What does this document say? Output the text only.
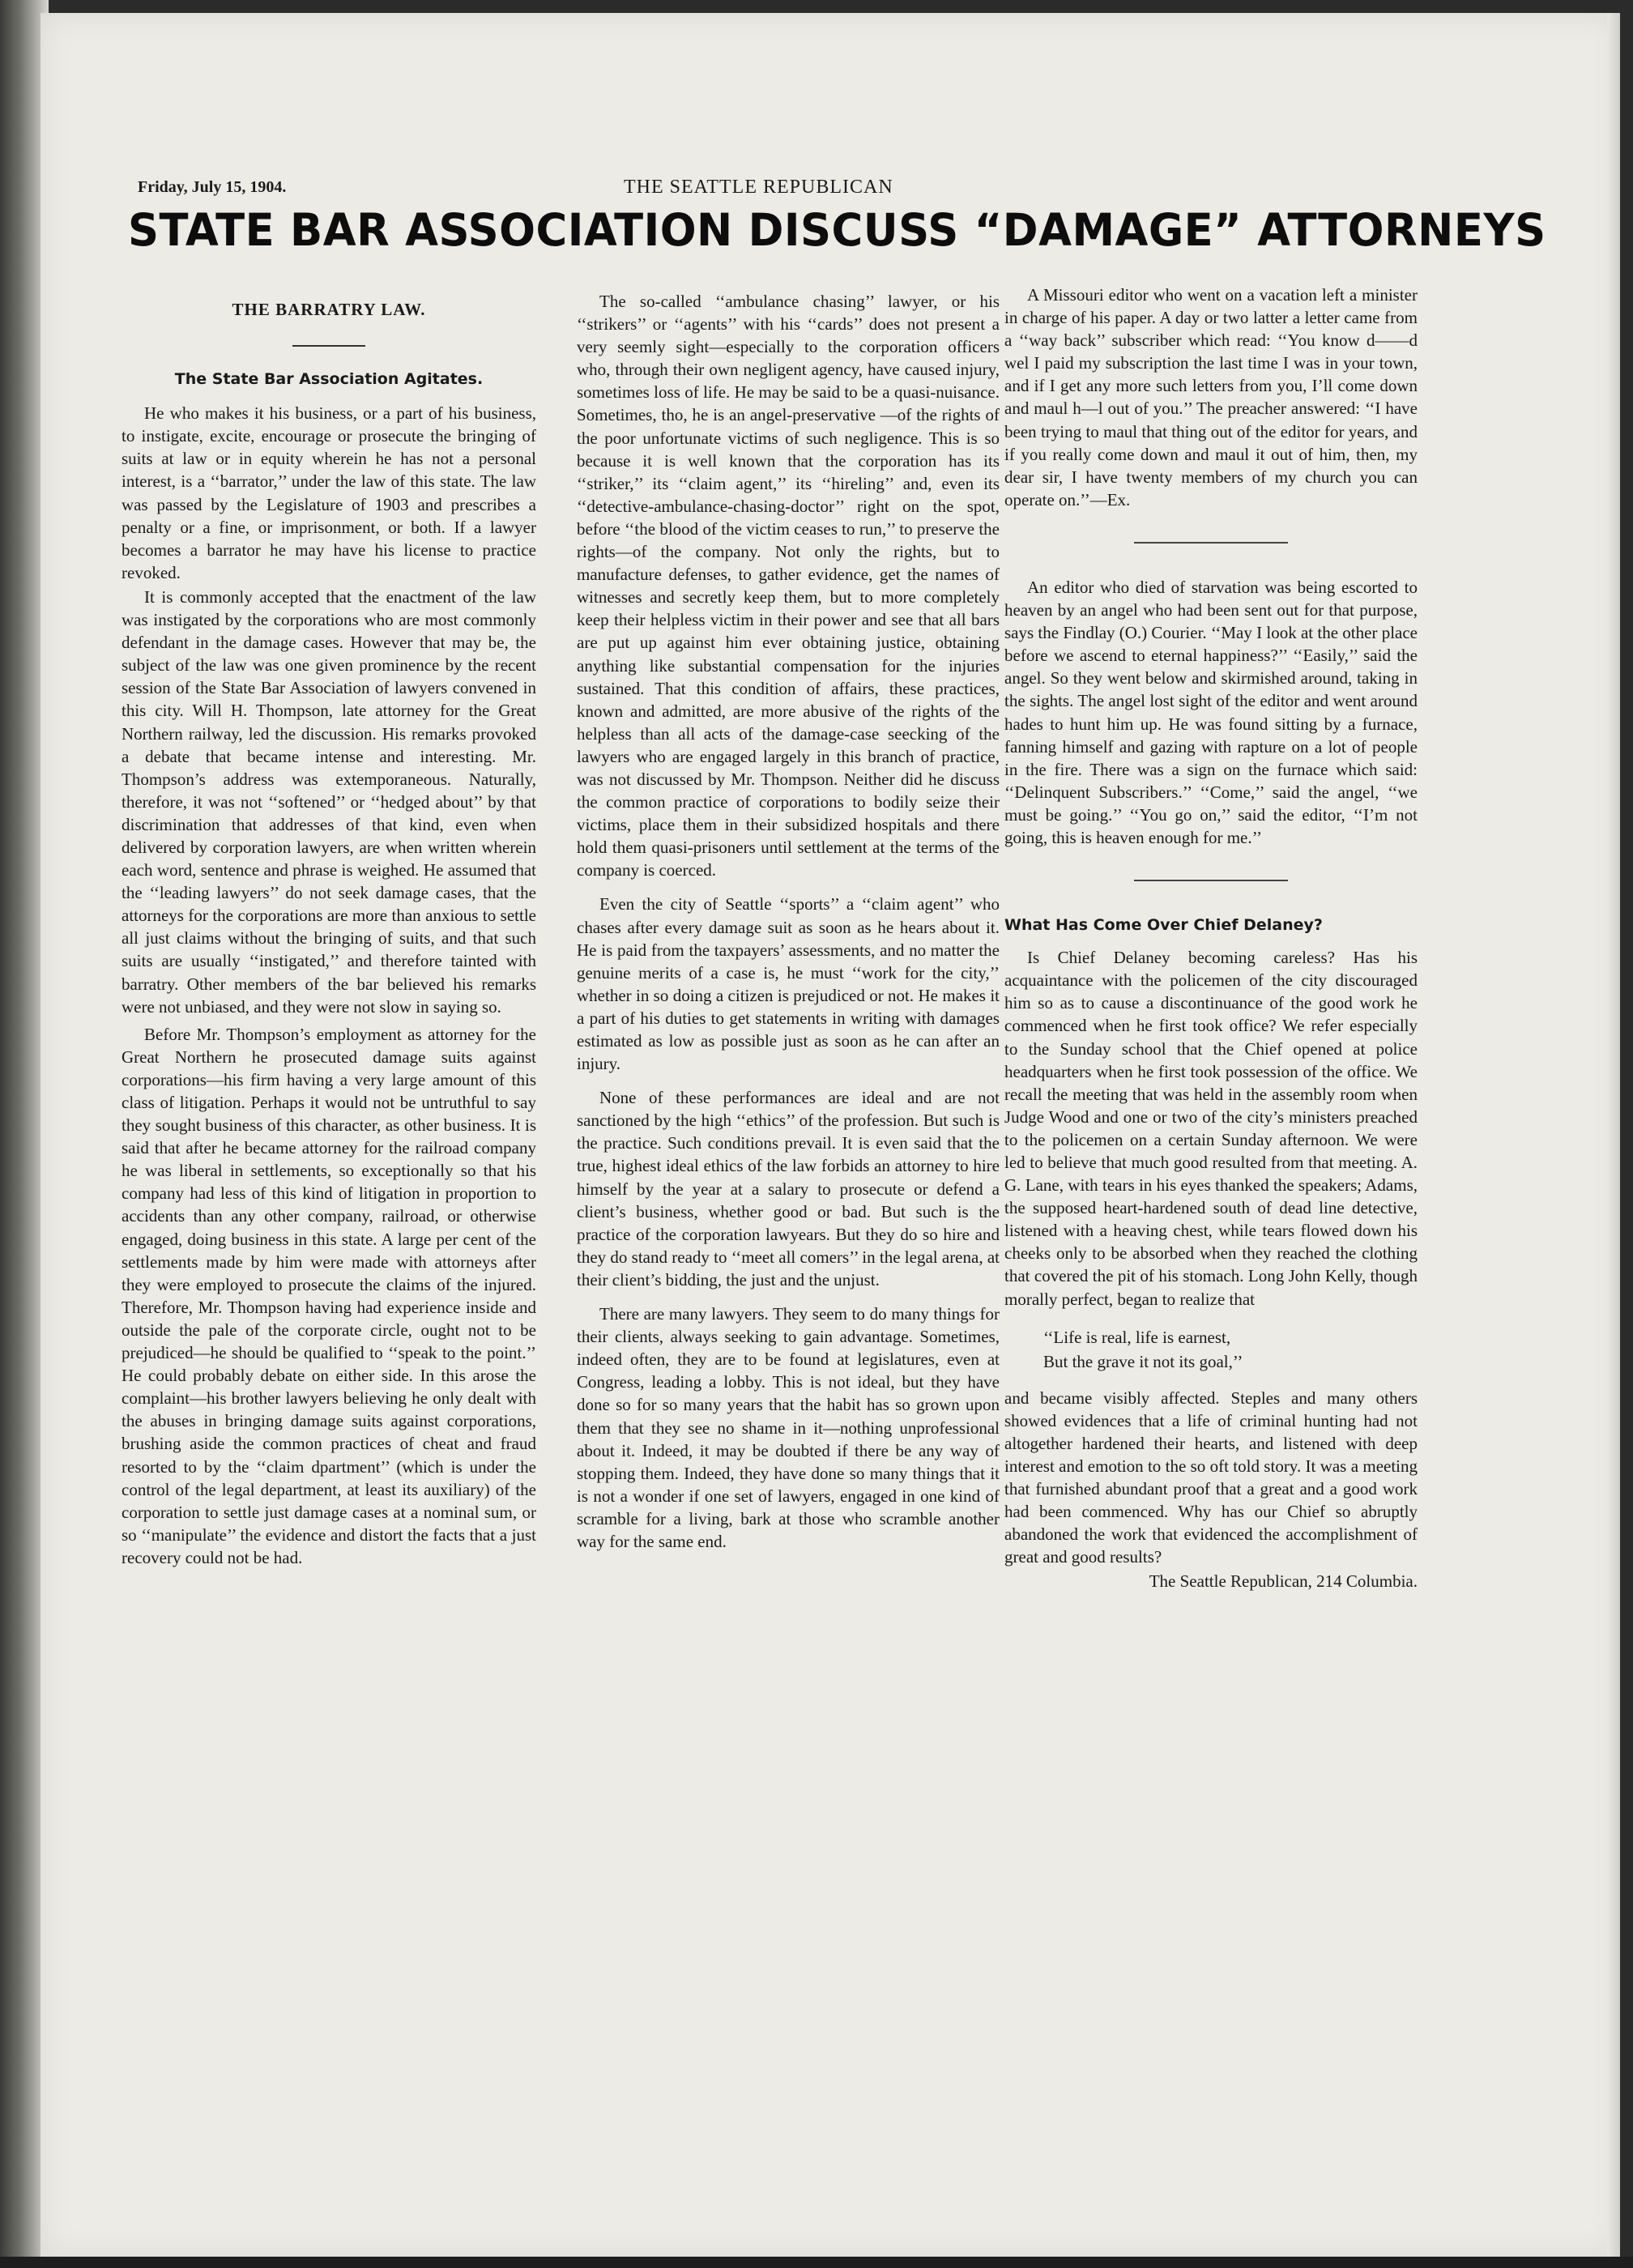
Friday, July 15, 1904.	THE SEATTLE REPUBLICAN
STATE BAR ASSOCIATION DISCUSS “DAMAGE” ATTORNEYS
THE BARRATRY LAW.
The State Bar Association Agitates.

He who makes it his business, or a part of his business, to instigate, excite, encourage or prosecute the bringing of suits at law or in equity wherein he has not a personal interest, is a ‘‘barrator,’’ under the law of this state. The law was passed by the Legislature of 1903 and prescribes a penalty or a fine, or imprisonment, or both. If a lawyer becomes a barrator he may have his license to practice revoked.

It is commonly accepted that the enactment of the law was instigated by the corporations who are most commonly defendant in the damage cases. However that may be, the subject of the law was one given prominence by the recent session of the State Bar Association of lawyers convened in this city. Will H. Thompson, late attorney for the Great Northern railway, led the discussion. His remarks provoked a debate that became intense and interesting. Mr. Thompson’s address was extemporaneous. Naturally, therefore, it was not ‘‘softened’’ or ‘‘hedged about’’ by that discrimination that addresses of that kind, even when delivered by corporation lawyers, are when written wherein each word, sentence and phrase is weighed. He assumed that the ‘‘leading lawyers’’ do not seek damage cases, that the attorneys for the corporations are more than anxious to settle all just claims without the bringing of suits, and that such suits are usually ‘‘instigated,’’ and therefore tainted with barratry. Other members of the bar believed his remarks were not unbiased, and they were not slow in saying so.

Before Mr. Thompson’s employment as attorney for the Great Northern he prosecuted damage suits against corporations—his firm having a very large amount of this class of litigation. Perhaps it would not be untruthful to say they sought business of this character, as other business. It is said that after he became attorney for the railroad company he was liberal in settlements, so exceptionally so that his company had less of this kind of litigation in proportion to accidents than any other company, railroad, or otherwise engaged, doing business in this state. A large per cent of the settlements made by him were made with attorneys after they were employed to prosecute the claims of the injured. Therefore, Mr. Thompson having had experience inside and outside the pale of the corporate circle, ought not to be prejudiced—he should be qualified to ‘‘speak to the point.’’ He could probably debate on either side. In this arose the complaint—his brother lawyers believing he only dealt with the abuses in bringing damage suits against corporations, brushing aside the common practices of cheat and fraud resorted to by the ‘‘claim dpartment’’ (which is under the control of the legal department, at least its auxiliary) of the corporation to settle just damage cases at a nominal sum, or so ‘‘manipulate’’ the evidence and distort the facts that a just recovery could not be had.

The so-called ‘‘ambulance chasing’’ lawyer, or his ‘‘strikers’’ or ‘‘agents’’ with his ‘‘cards’’ does not present a very seemly sight—especially to the corporation officers who, through their own negligent agency, have caused injury, sometimes loss of life. He may be said to be a quasi-nuisance. Sometimes, tho, he is an angel-preservative —of the rights of the poor unfortunate victims of such negligence. This is so because it is well known that the corporation has its ‘‘striker,’’ its ‘‘claim agent,’’ its ‘‘hireling’’ and, even its ‘‘detective-ambulance-chasing-doctor’’ right on the spot, before ‘‘the blood of the victim ceases to run,’’ to preserve the rights—of the company. Not only the rights, but to manufacture defenses, to gather evidence, get the names of witnesses and secretly keep them, but to more completely keep their helpless victim in their power and see that all bars are put up against him ever obtaining justice, obtaining anything like substantial compensation for the injuries sustained. That this condition of affairs, these practices, known and admitted, are more abusive of the rights of the helpless than all acts of the damage-case seecking of the lawyers who are engaged largely in this branch of practice, was not discussed by Mr. Thompson. Neither did he discuss the common practice of corporations to bodily seize their victims, place them in their subsidized hospitals and there hold them quasi-prisoners until settlement at the terms of the company is coerced.

Even the city of Seattle ‘‘sports’’ a ‘‘claim agent’’ who chases after every damage suit as soon as he hears about it. He is paid from the taxpayers’ assessments, and no matter the genuine merits of a case is, he must ‘‘work for the city,’’ whether in so doing a citizen is prejudiced or not. He makes it a part of his duties to get statements in writing with damages estimated as low as possible just as soon as he can after an injury.

None of these performances are ideal and are not sanctioned by the high ‘‘ethics’’ of the profession. But such is the practice. Such conditions prevail. It is even said that the true, highest ideal ethics of the law forbids an attorney to hire himself by the year at a salary to prosecute or defend a client’s business, whether good or bad. But such is the practice of the corporation lawyears. But they do so hire and they do stand ready to ‘‘meet all comers’’ in the legal arena, at their client’s bidding, the just and the unjust.

There are many lawyers. They seem to do many things for their clients, always seeking to gain advantage. Sometimes, indeed often, they are to be found at legislatures, even at Congress, leading a lobby. This is not ideal, but they have done so for so many years that the habit has so grown upon them that they see no shame in it—nothing unprofessional about it. Indeed, it may be doubted if there be any way of stopping them. Indeed, they have done so many things that it is not a wonder if one set of lawyers, engaged in one kind of scramble for a living, bark at those who scramble another way for the same end.

A Missouri editor who went on a vacation left a minister in charge of his paper. A day or two latter a letter came from a ‘‘way back’’ subscriber which read: ‘‘You know d——d wel I paid my subscription the last time I was in your town, and if I get any more such letters from you, I’ll come down and maul h—l out of you.’’ The preacher answered: ‘‘I have been trying to maul that thing out of the editor for years, and if you really come down and maul it out of him, then, my dear sir, I have twenty members of my church you can operate on.’’—Ex.

An editor who died of starvation was being escorted to heaven by an angel who had been sent out for that purpose, says the Findlay (O.) Courier. ‘‘May I look at the other place before we ascend to eternal happiness?’’ ‘‘Easily,’’ said the angel. So they went below and skirmished around, taking in the sights. The angel lost sight of the editor and went around hades to hunt him up. He was found sitting by a furnace, fanning himself and gazing with rapture on a lot of people in the fire. There was a sign on the furnace which said: ‘‘Delinquent Subscribers.’’ ‘‘Come,’’ said the angel, ‘‘we must be going.’’ ‘‘You go on,’’ said the editor, ‘‘I’m not going, this is heaven enough for me.’’

What Has Come Over Chief Delaney?

Is Chief Delaney becoming careless? Has his acquaintance with the policemen of the city discouraged him so as to cause a discontinuance of the good work he commenced when he first took office? We refer especially to the Sunday school that the Chief opened at police headquarters when he first took possession of the office. We recall the meeting that was held in the assembly room when Judge Wood and one or two of the city’s ministers preached to the policemen on a certain Sunday afternoon. We were led to believe that much good resulted from that meeting. A. G. Lane, with tears in his eyes thanked the speakers; Adams, the supposed heart-hardened south of dead line detective, listened with a heaving chest, while tears flowed down his cheeks only to be absorbed when they reached the clothing that covered the pit of his stomach. Long John Kelly, though morally perfect, began to realize that

‘‘Life is real, life is earnest,
But the grave it not its goal,’’

and became visibly affected. Steples and many others showed evidences that a life of criminal hunting had not altogether hardened their hearts, and listened with deep interest and emotion to the so oft told story. It was a meeting that furnished abundant proof that a great and a good work had been commenced. Why has our Chief so abruptly abandoned the work that evidenced the accomplishment of great and good results?

The Seattle Republican, 214 Columbia.
